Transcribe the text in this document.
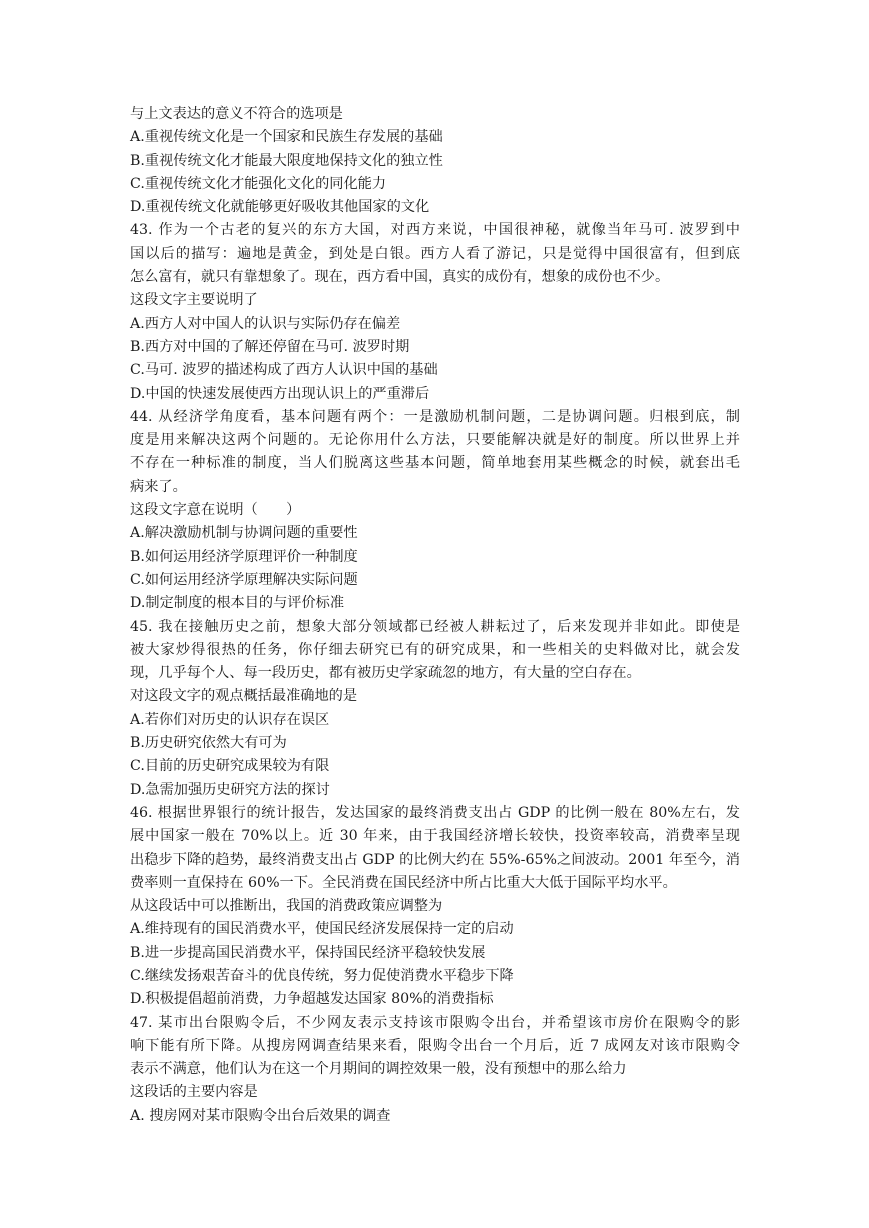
与上文表达的意义不符合的选项是
A.重视传统文化是一个国家和民族生存发展的基础
B.重视传统文化才能最大限度地保持文化的独立性
C.重视传统文化才能强化文化的同化能力
D.重视传统文化就能够更好吸收其他国家的文化
43. 作为一个古老的复兴的东方大国，对西方来说，中国很神秘，就像当年马可. 波罗到中
国以后的描写：遍地是黄金，到处是白银。西方人看了游记，只是觉得中国很富有，但到底
怎么富有，就只有靠想象了。现在，西方看中国，真实的成份有，想象的成份也不少。
这段文字主要说明了
A.西方人对中国人的认识与实际仍存在偏差
B.西方对中国的了解还停留在马可. 波罗时期
C.马可. 波罗的描述构成了西方人认识中国的基础
D.中国的快速发展使西方出现认识上的严重滞后
44. 从经济学角度看，基本问题有两个：一是激励机制问题，二是协调问题。归根到底，制
度是用来解决这两个问题的。无论你用什么方法，只要能解决就是好的制度。所以世界上并
不存在一种标准的制度，当人们脱离这些基本问题，简单地套用某些概念的时候，就套出毛
病来了。
这段文字意在说明（　　）
A.解决激励机制与协调问题的重要性
B.如何运用经济学原理评价一种制度
C.如何运用经济学原理解决实际问题
D.制定制度的根本目的与评价标准
45. 我在接触历史之前，想象大部分领域都已经被人耕耘过了，后来发现并非如此。即使是
被大家炒得很热的任务，你仔细去研究已有的研究成果，和一些相关的史料做对比，就会发
现，几乎每个人、每一段历史，都有被历史学家疏忽的地方，有大量的空白存在。
对这段文字的观点概括最准确地的是
A.若你们对历史的认识存在误区
B.历史研究依然大有可为
C.目前的历史研究成果较为有限
D.急需加强历史研究方法的探讨
46. 根据世界银行的统计报告，发达国家的最终消费支出占 GDP 的比例一般在 80%左右，发
展中国家一般在 70%以上。近 30 年来，由于我国经济增长较快，投资率较高，消费率呈现
出稳步下降的趋势，最终消费支出占 GDP 的比例大约在 55%-65%之间波动。2001 年至今，消
费率则一直保持在 60%一下。全民消费在国民经济中所占比重大大低于国际平均水平。
从这段话中可以推断出，我国的消费政策应调整为
A.维持现有的国民消费水平，使国民经济发展保持一定的启动
B.进一步提高国民消费水平，保持国民经济平稳较快发展
C.继续发扬艰苦奋斗的优良传统，努力促使消费水平稳步下降
D.积极提倡超前消费，力争超越发达国家 80%的消费指标
47. 某市出台限购令后，不少网友表示支持该市限购令出台，并希望该市房价在限购令的影
响下能有所下降。从搜房网调查结果来看，限购令出台一个月后，近 7 成网友对该市限购令
表示不满意，他们认为在这一个月期间的调控效果一般，没有预想中的那么给力
这段话的主要内容是
A. 搜房网对某市限购令出台后效果的调查
